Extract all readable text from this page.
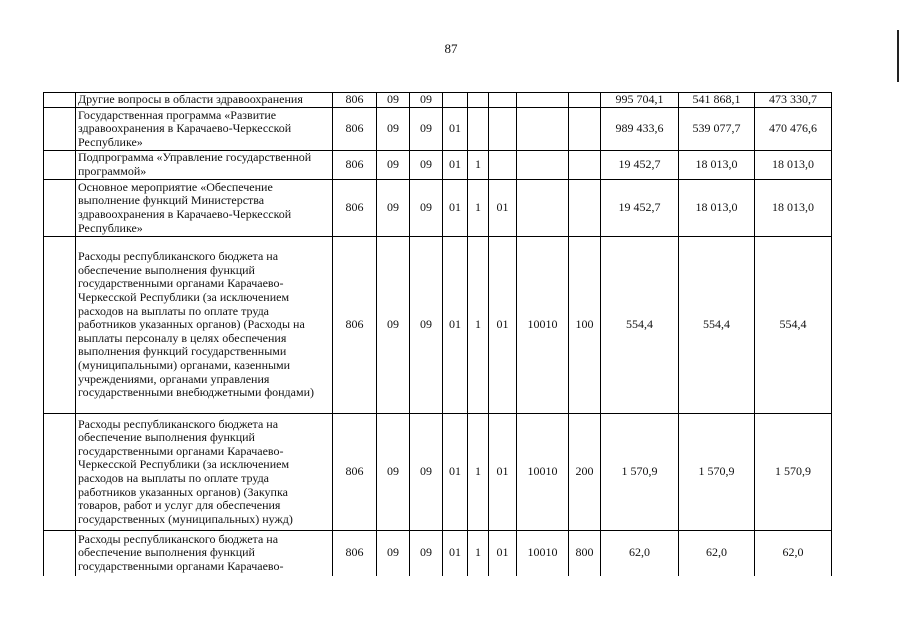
87
	Другие вопросы в области здравоохранения	806	09	09						995 704,1	541 868,1	473 330,7
	Государственная программа «Развитие здравоохранения в Карачаево-Черкесской Республике»	806	09	09	01					989 433,6	539 077,7	470 476,6
	Подпрограмма «Управление государственной программой»	806	09	09	01	1				19 452,7	18 013,0	18 013,0
	Основное мероприятие «Обеспечение выполнение функций Министерства здравоохранения в Карачаево-Черкесской Республике»	806	09	09	01	1	01			19 452,7	18 013,0	18 013,0
	Расходы республиканского бюджета на обеспечение выполнения функций государственными органами Карачаево-Черкесской Республики (за исключением расходов на выплаты по оплате труда работников указанных органов) (Расходы на выплаты персоналу в целях обеспечения выполнения функций государственными (муниципальными) органами, казенными учреждениями, органами управления государственными внебюджетными фондами)	806	09	09	01	1	01	10010	100	554,4	554,4	554,4
	Расходы республиканского бюджета на обеспечение выполнения функций государственными органами Карачаево-Черкесской Республики (за исключением расходов на выплаты по оплате труда работников указанных органов) (Закупка товаров, работ и услуг для обеспечения государственных (муниципальных) нужд)	806	09	09	01	1	01	10010	200	1 570,9	1 570,9	1 570,9
	Расходы республиканского бюджета на обеспечение выполнения функций государственными органами Карачаево-	806	09	09	01	1	01	10010	800	62,0	62,0	62,0
